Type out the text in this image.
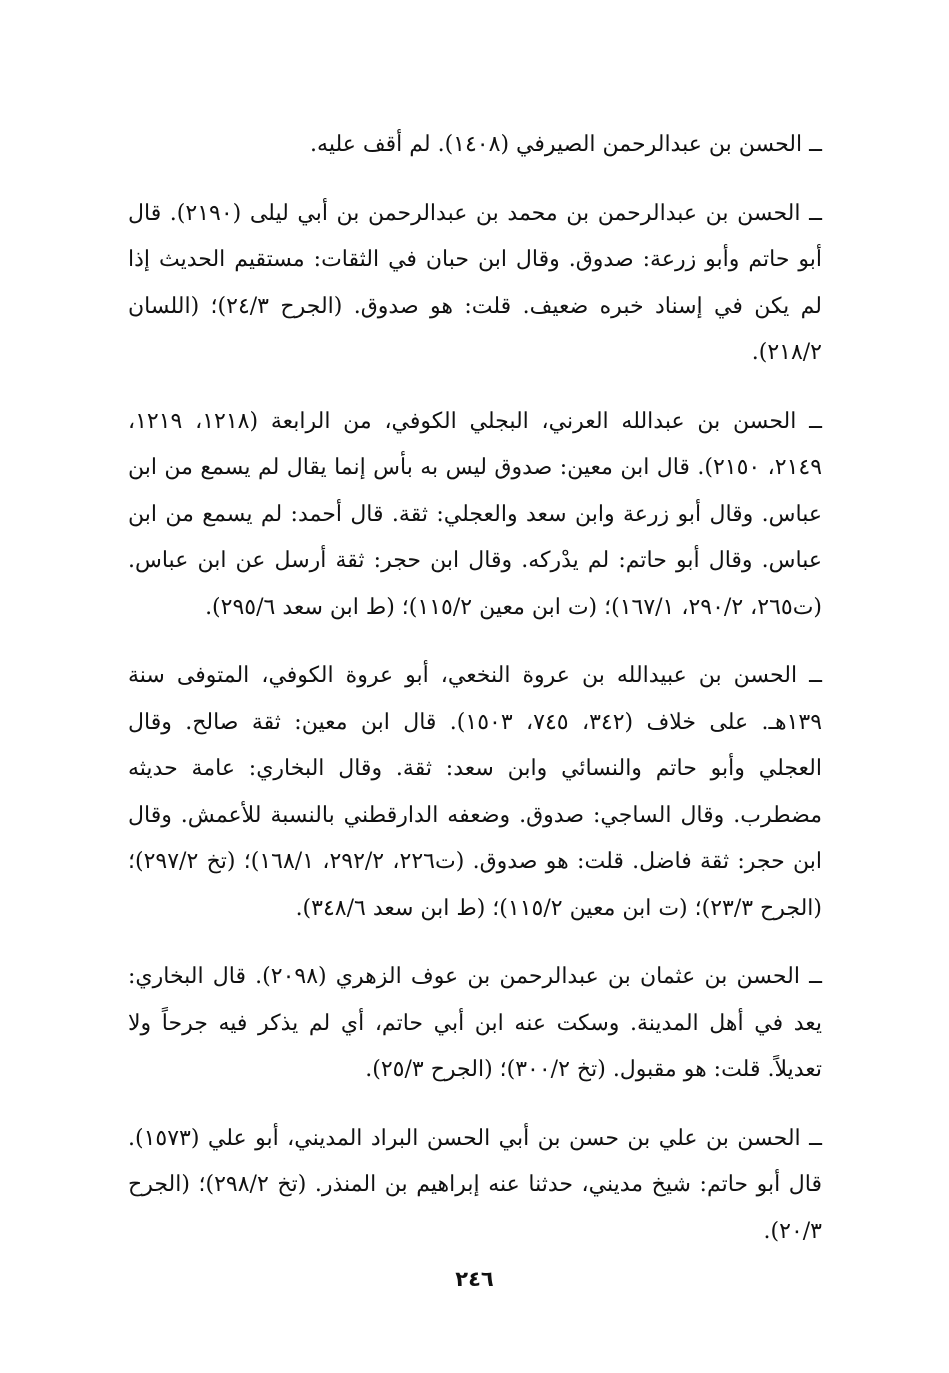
ــ الحسن بن عبدالرحمن الصيرفي (١٤٠٨). لم أقف عليه.

ــ الحسن بن عبدالرحمن بن محمد بن عبدالرحمن بن أبي ليلى (٢١٩٠). قال أبو حاتم وأبو زرعة: صدوق. وقال ابن حبان في الثقات: مستقيم الحديث إذا لم يكن في إسناد خبره ضعيف. قلت: هو صدوق. (الجرح ٢٤/٣)؛ (اللسان ٢١٨/٢).

ــ الحسن بن عبدالله العرني، البجلي الكوفي، من الرابعة (١٢١٨، ١٢١٩، ٢١٤٩، ٢١٥٠). قال ابن معين: صدوق ليس به بأس إنما يقال لم يسمع من ابن عباس. وقال أبو زرعة وابن سعد والعجلي: ثقة. قال أحمد: لم يسمع من ابن عباس. وقال أبو حاتم: لم يدْركه. وقال ابن حجر: ثقة أرسل عن ابن عباس. (ت٢٦٥، ٢٩٠/٢، ١٦٧/١)؛ (ت ابن معين ١١٥/٢)؛ (ط ابن سعد ٢٩٥/٦).

ــ الحسن بن عبيدالله بن عروة النخعي، أبو عروة الكوفي، المتوفى سنة ١٣٩هـ. على خلاف (٣٤٢، ٧٤٥، ١٥٠٣). قال ابن معين: ثقة صالح. وقال العجلي وأبو حاتم والنسائي وابن سعد: ثقة. وقال البخاري: عامة حديثه مضطرب. وقال الساجي: صدوق. وضعفه الدارقطني بالنسبة للأعمش. وقال ابن حجر: ثقة فاضل. قلت: هو صدوق. (ت٢٢٦، ٢٩٢/٢، ١٦٨/١)؛ (تخ ٢٩٧/٢)؛ (الجرح ٢٣/٣)؛ (ت ابن معين ١١٥/٢)؛ (ط ابن سعد ٣٤٨/٦).

ــ الحسن بن عثمان بن عبدالرحمن بن عوف الزهري (٢٠٩٨). قال البخاري: يعد في أهل المدينة. وسكت عنه ابن أبي حاتم، أي لم يذكر فيه جرحاً ولا تعديلاً. قلت: هو مقبول. (تخ ٣٠٠/٢)؛ (الجرح ٢٥/٣).

ــ الحسن بن علي بن حسن بن أبي الحسن البراد المديني، أبو علي (١٥٧٣). قال أبو حاتم: شيخ مديني، حدثنا عنه إبراهيم بن المنذر. (تخ ٢٩٨/٢)؛ (الجرح ٢٠/٣).

٢٤٦
